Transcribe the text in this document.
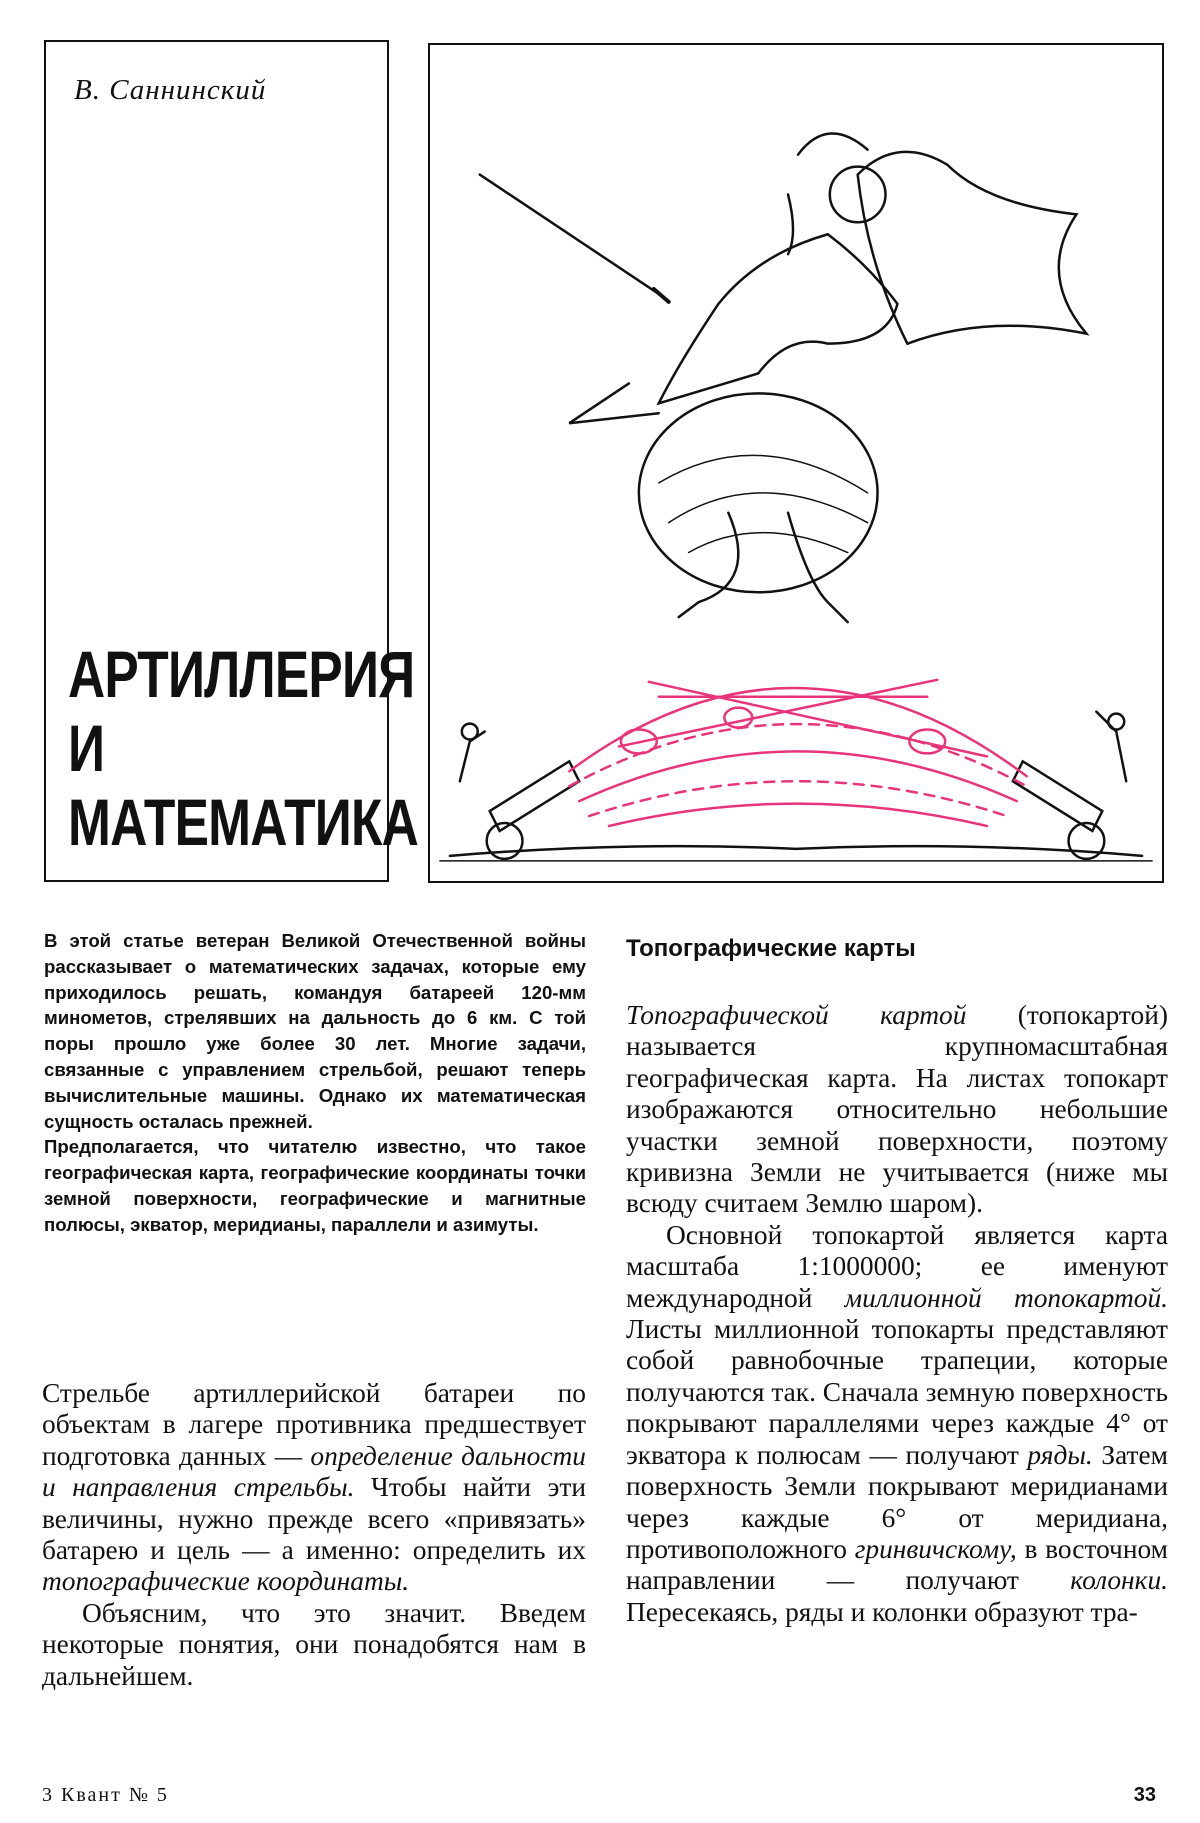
В. Саннинский
АРТИЛЛЕРИЯ
И
МАТЕМАТИКА

В этой статье ветеран Великой Отечественной войны рассказывает о математических задачах, которые ему приходилось решать, командуя батареей 120-мм минометов, стрелявших на дальность до 6 км. С той поры прошло уже более 30 лет. Многие задачи, связанные с управлением стрельбой, решают теперь вычислительные машины. Однако их математическая сущность осталась прежней.

Предполагается, что читателю известно, что такое географическая карта, географические координаты точки земной поверхности, географические и магнитные полюсы, экватор, меридианы, параллели и азимуты.

Стрельбе артиллерийской батареи по объектам в лагере противника предшествует подготовка данных — определение дальности и направления стрельбы. Чтобы найти эти величины, нужно прежде всего «привязать» батарею и цель — а именно: определить их топографические координаты.

Объясним, что это значит. Введем некоторые понятия, они понадобятся нам в дальнейшем.

Топографические карты

Топографической картой (топокартой) называется крупномасштабная географическая карта. На листах топокарт изображаются относительно небольшие участки земной поверхности, поэтому кривизна Земли не учитывается (ниже мы всюду считаем Землю шаром).

Основной топокартой является карта масштаба 1:1000000; ее именуют международной миллионной топокартой. Листы миллионной топокарты представляют собой равнобочные трапеции, которые получаются так. Сначала земную поверхность покрывают параллелями через каждые 4° от экватора к полюсам — получают ряды. Затем поверхность Земли покрывают меридианами через каждые 6° от меридиана, противоположного гринвичскому, в восточном направлении — получают колонки. Пересекаясь, ряды и колонки образуют тра-

3 Квант № 5	33
